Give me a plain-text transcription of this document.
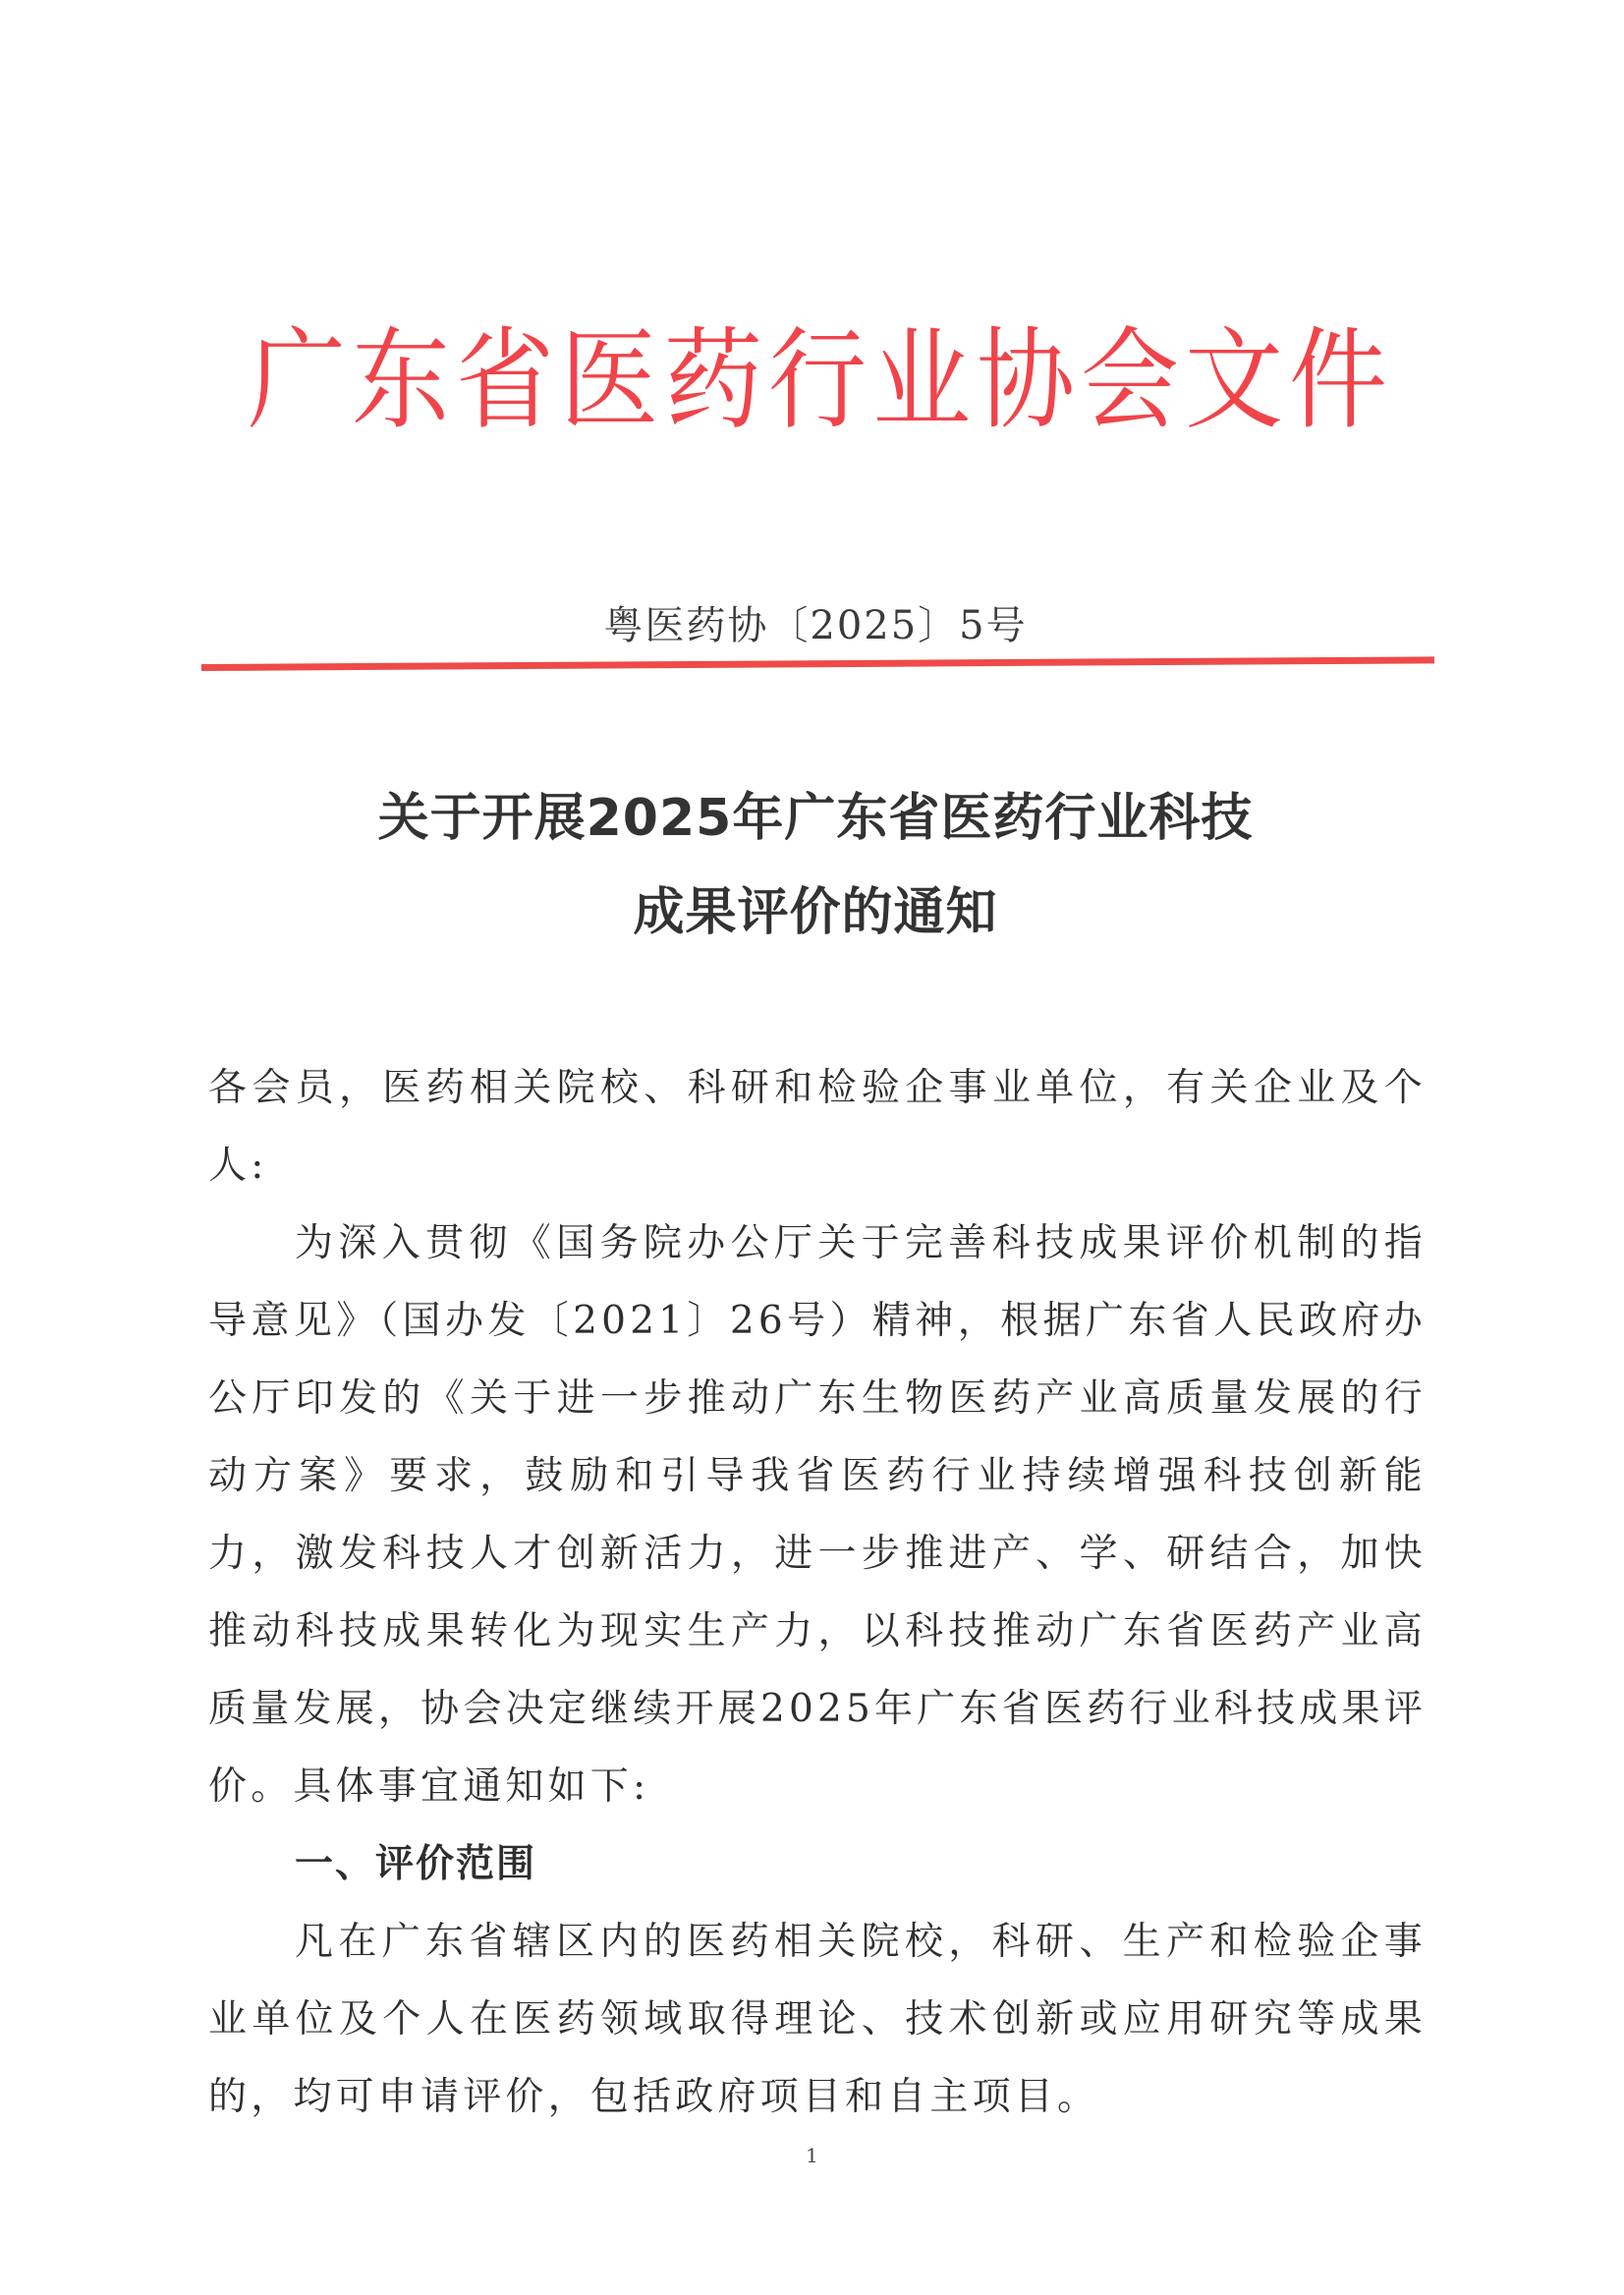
广东省医药行业协会文件
粤医药协〔2025〕5号
关于开展2025年广东省医药行业科技
成果评价的通知

各会员，医药相关院校、科研和检验企事业单位，有关企业及个人:

为深入贯彻《国务院办公厅关于完善科技成果评价机制的指导意见》（国办发〔2021〕26号）精神，根据广东省人民政府办公厅印发的《关于进一步推动广东生物医药产业高质量发展的行动方案》要求，鼓励和引导我省医药行业持续增强科技创新能力，激发科技人才创新活力，进一步推进产、学、研结合，加快推动科技成果转化为现实生产力，以科技推动广东省医药产业高质量发展，协会决定继续开展2025年广东省医药行业科技成果评价。具体事宜通知如下:

一、评价范围

凡在广东省辖区内的医药相关院校，科研、生产和检验企事业单位及个人在医药领域取得理论、技术创新或应用研究等成果的，均可申请评价，包括政府项目和自主项目。

1
